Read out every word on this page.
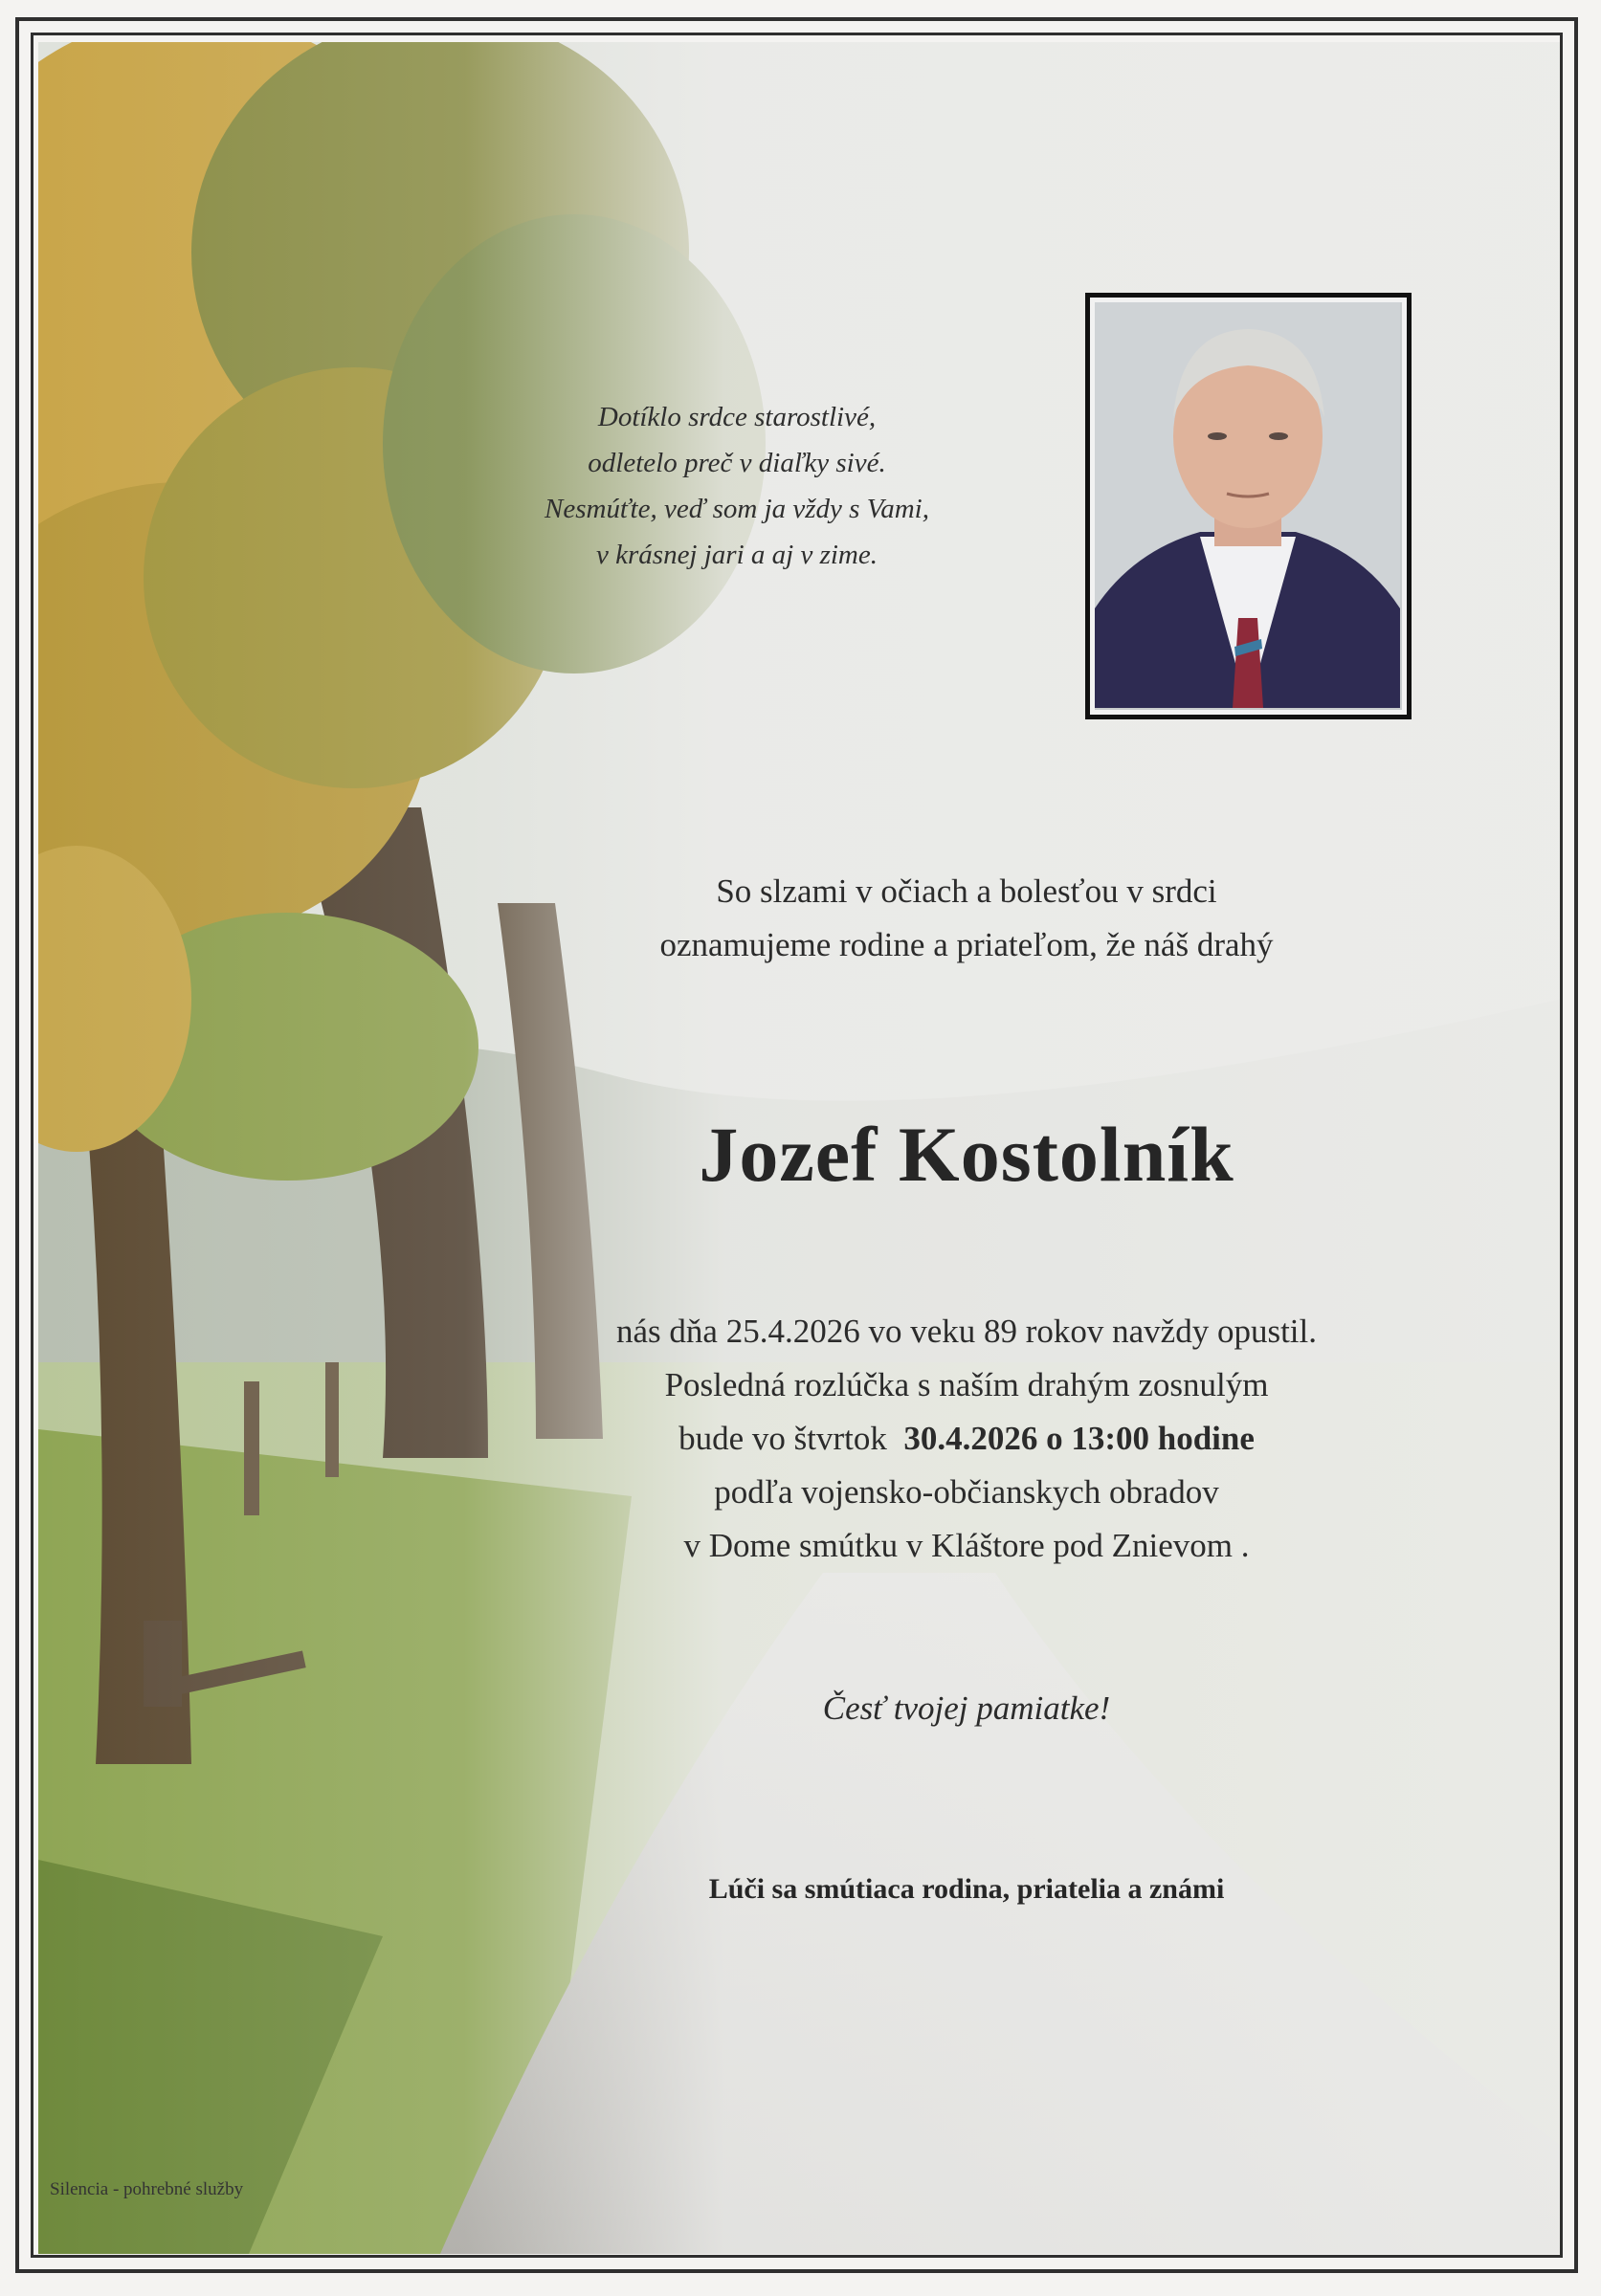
Dotíklo srdce starostlivé,
odletelo preč v diaľky sivé.
Nesmúťte, veď som ja vždy s Vami,
v krásnej jari a aj v zime.
So slzami v očiach a bolesťou v srdci
oznamujeme rodine a priateľom, že náš drahý
Jozef Kostolník
nás dňa 25.4.2026 vo veku 89 rokov navždy opustil.
Posledná rozlúčka s naším drahým zosnulým
bude vo štvrtok 30.4.2026 o 13:00 hodine
podľa vojensko-občianskych obradov
v Dome smútku v Kláštore pod Znievom .
Česť tvojej pamiatke!
Lúči sa smútiaca rodina, priatelia a známi
Silencia - pohrebné služby
